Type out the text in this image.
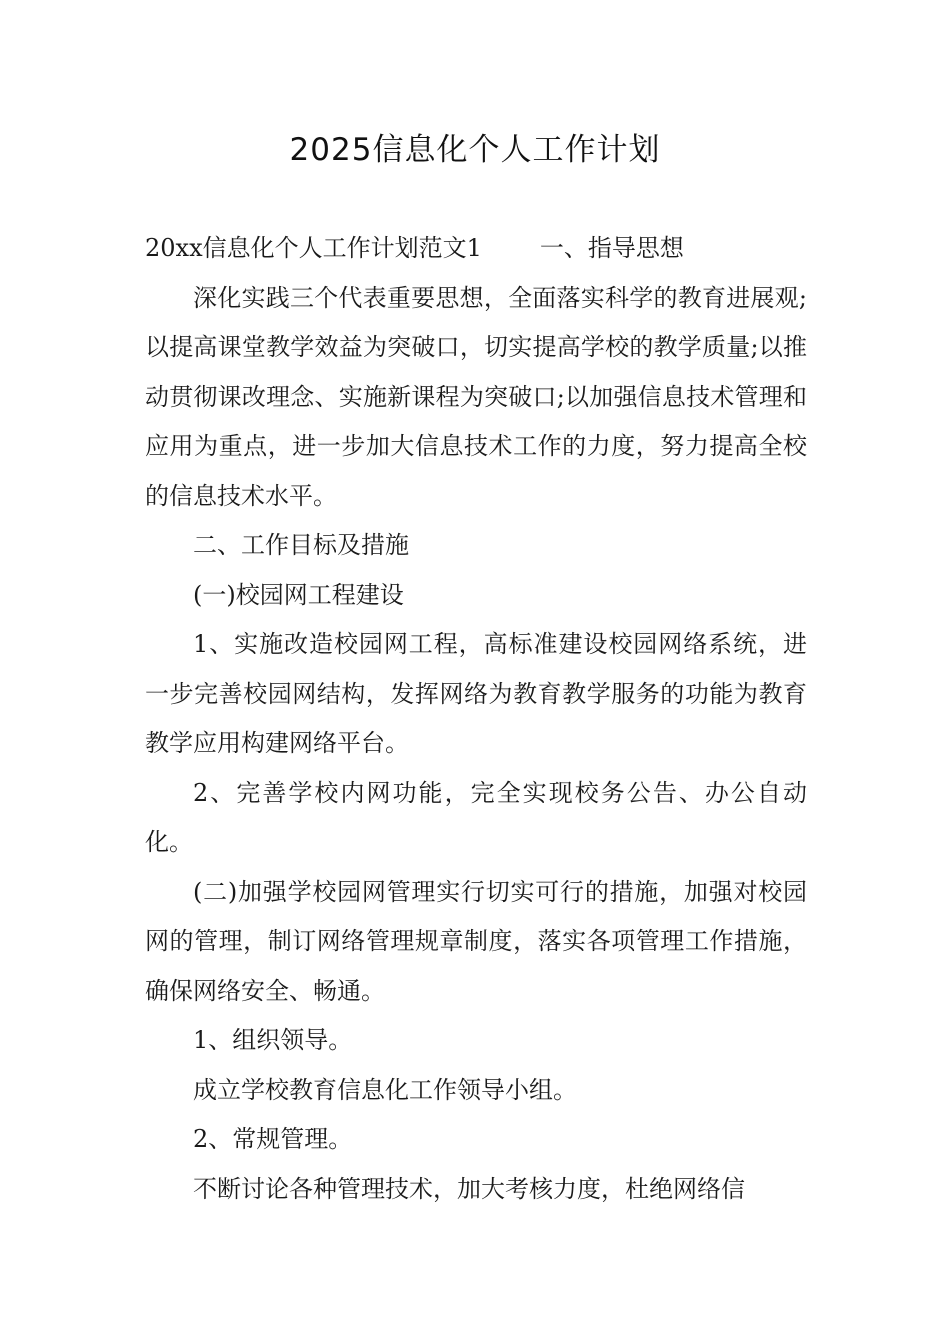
2025信息化个人工作计划

20xx信息化个人工作计划范文1 一、指导思想

深化实践三个代表重要思想，全面落实科学的教育进展观;以提高课堂教学效益为突破口，切实提高学校的教学质量;以推动贯彻课改理念、实施新课程为突破口;以加强信息技术管理和应用为重点，进一步加大信息技术工作的力度，努力提高全校的信息技术水平。

二、工作目标及措施

(一)校园网工程建设

1、实施改造校园网工程，高标准建设校园网络系统，进一步完善校园网结构，发挥网络为教育教学服务的功能为教育教学应用构建网络平台。

2、完善学校内网功能，完全实现校务公告、办公自动化。

(二)加强学校园网管理实行切实可行的措施，加强对校园网的管理，制订网络管理规章制度，落实各项管理工作措施，确保网络安全、畅通。

1、组织领导。

成立学校教育信息化工作领导小组。

2、常规管理。

不断讨论各种管理技术，加大考核力度，杜绝网络信
